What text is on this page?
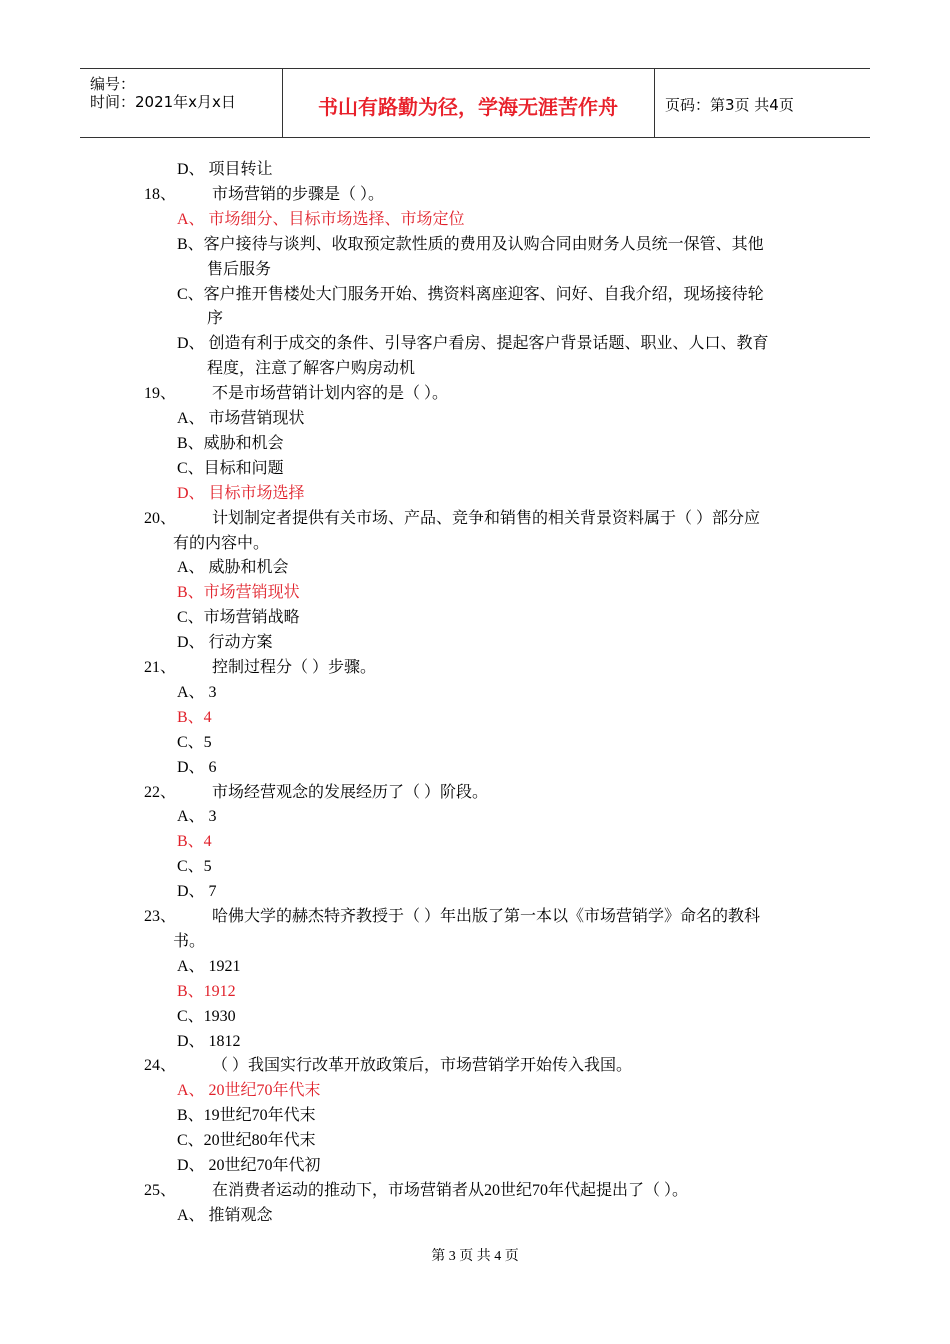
编号：
时间：2021年x月x日	书山有路勤为径，学海无涯苦作舟	页码：第3页 共4页
D、 项目转让
18、 市场营销的步骤是（ ）。
A、 市场细分、目标市场选择、市场定位
B、客户接待与谈判、收取预定款性质的费用及认购合同由财务人员统一保管、其他
售后服务
C、客户推开售楼处大门服务开始、携资料离座迎客、问好、自我介绍，现场接待轮
序
D、 创造有利于成交的条件、引导客户看房、提起客户背景话题、职业、人口、教育
程度，注意了解客户购房动机
19、 不是市场营销计划内容的是（ ）。
A、 市场营销现状
B、威胁和机会
C、目标和问题
D、 目标市场选择
20、 计划制定者提供有关市场、产品、竞争和销售的相关背景资料属于（ ）部分应
有的内容中。
A、 威胁和机会
B、市场营销现状
C、市场营销战略
D、 行动方案
21、 控制过程分（ ）步骤。
A、 3
B、4
C、5
D、 6
22、 市场经营观念的发展经历了（ ）阶段。
A、 3
B、4
C、5
D、 7
23、 哈佛大学的赫杰特齐教授于（ ）年出版了第一本以《市场营销学》命名的教科
书。
A、 1921
B、1912
C、1930
D、 1812
24、 （ ）我国实行改革开放政策后，市场营销学开始传入我国。
A、 20世纪70年代末
B、19世纪70年代末
C、20世纪80年代末
D、 20世纪70年代初
25、 在消费者运动的推动下，市场营销者从20世纪70年代起提出了（ ）。
A、 推销观念
第 3 页 共 4 页
